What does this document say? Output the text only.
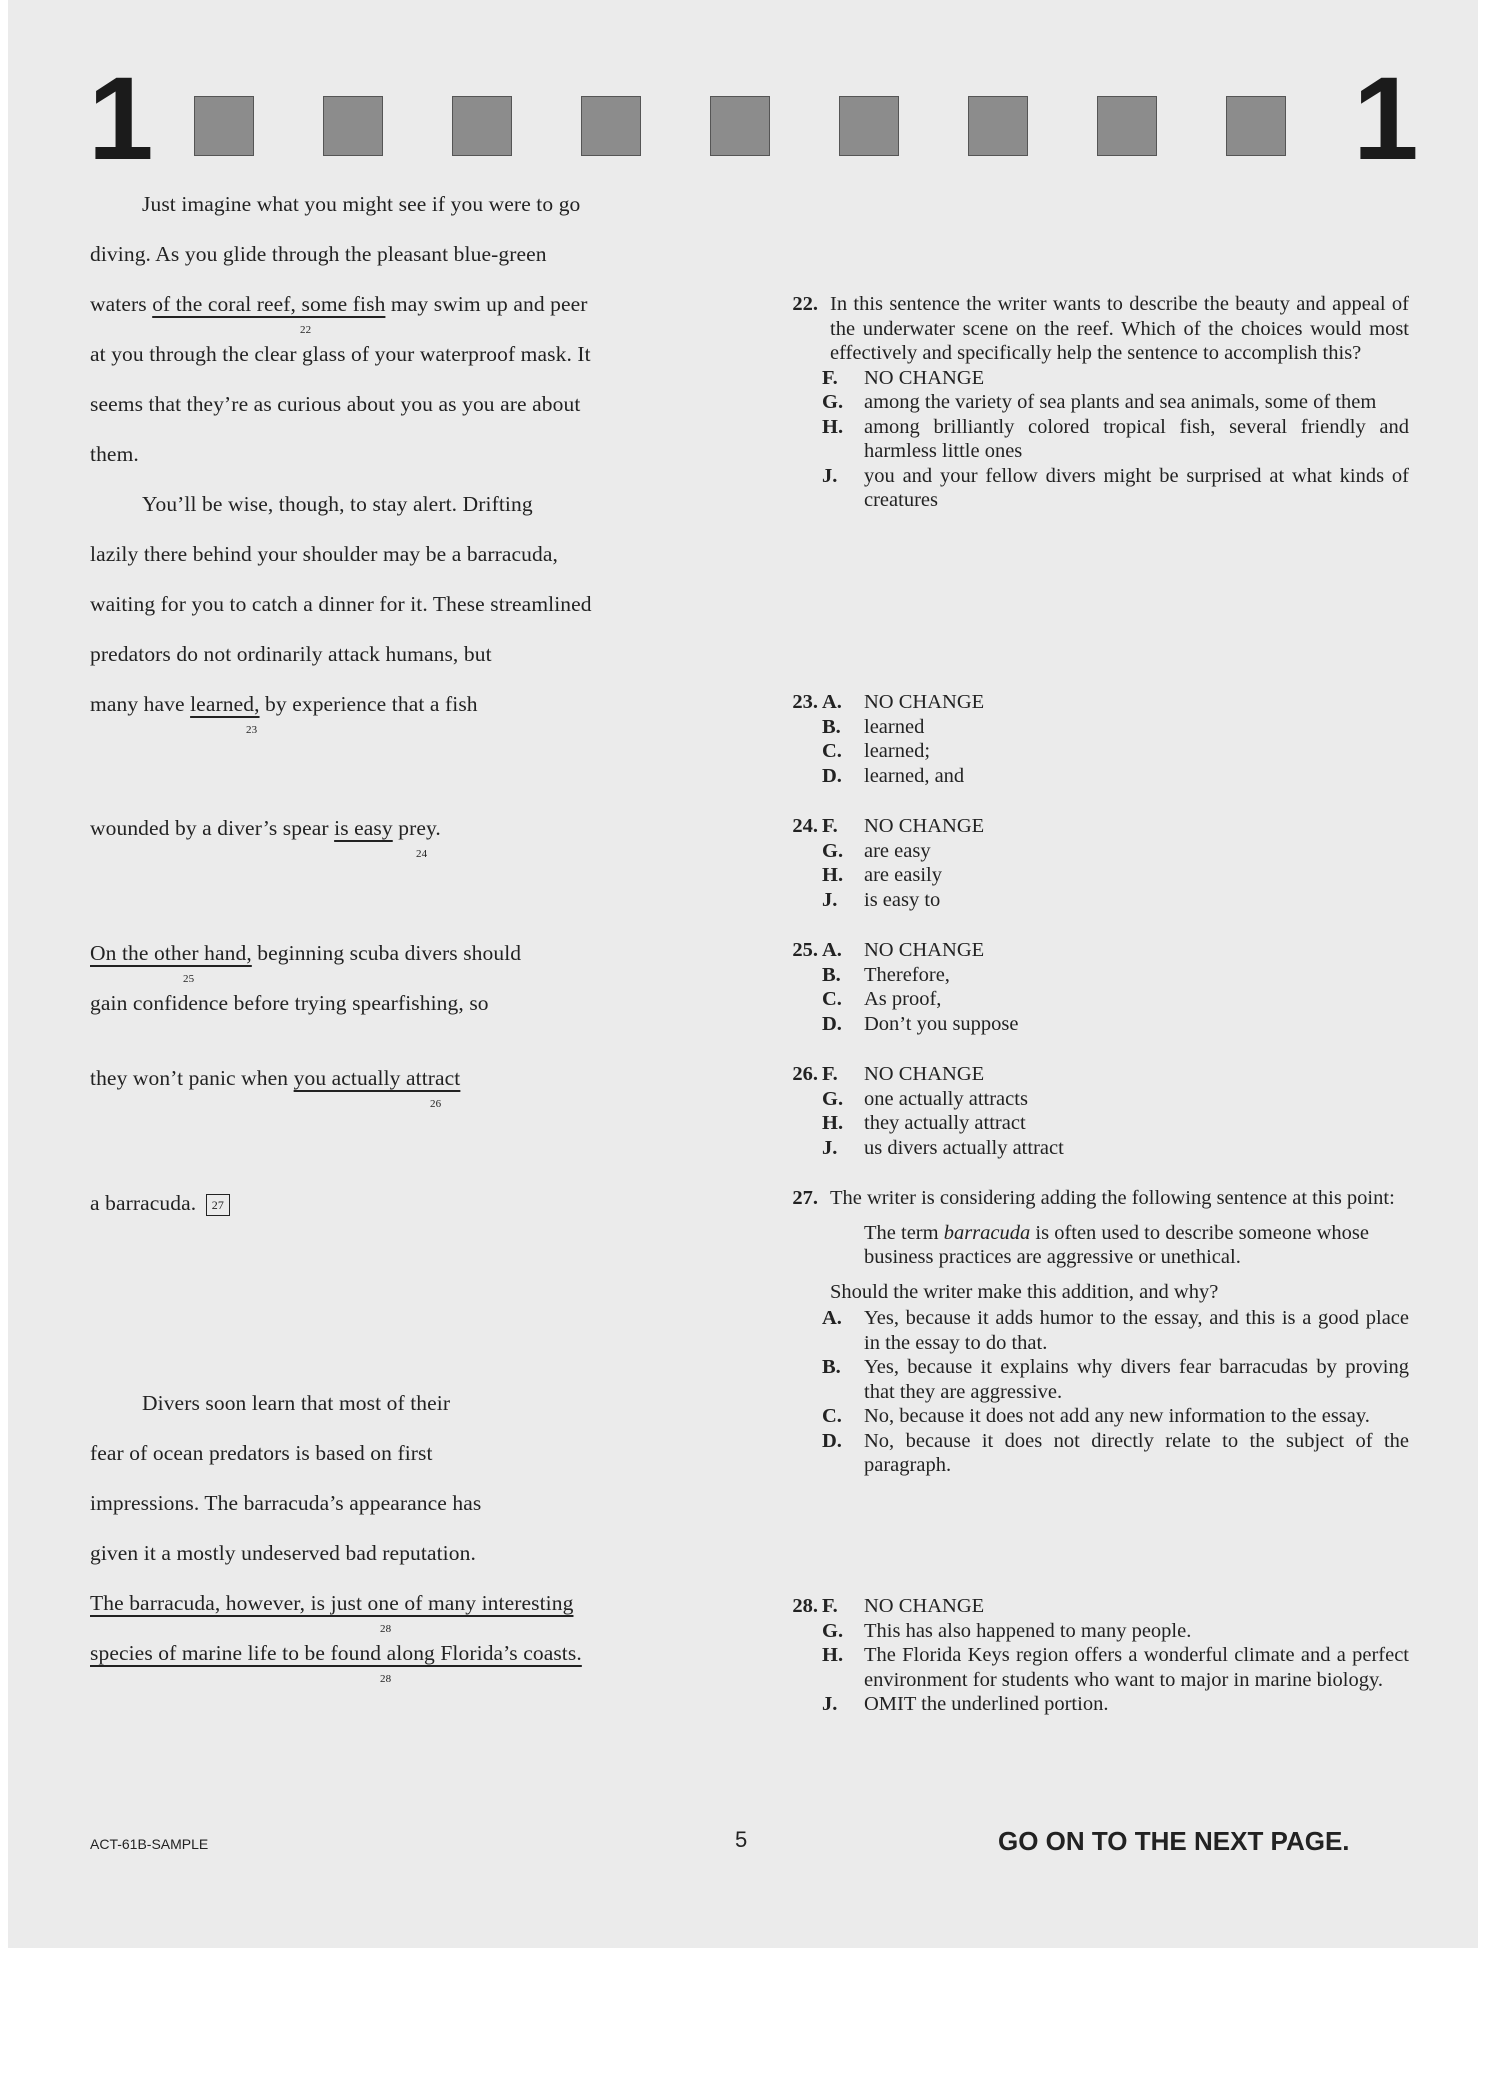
1	1
Just imagine what you might see if you were to go
diving. As you glide through the pleasant blue-green
waters of the coral reef, some fish may swim up and peer
22
at you through the clear glass of your waterproof mask. It
seems that they’re as curious about you as you are about
them.
You’ll be wise, though, to stay alert. Drifting
lazily there behind your shoulder may be a barracuda,
waiting for you to catch a dinner for it. These streamlined
predators do not ordinarily attack humans, but
many have learned, by experience that a fish
23
wounded by a diver’s spear is easy prey.
24
On the other hand, beginning scuba divers should
25
gain confidence before trying spearfishing, so
they won’t panic when you actually attract
26
a barracuda. 27
Divers soon learn that most of their
fear of ocean predators is based on first
impressions. The barracuda’s appearance has
given it a mostly undeserved bad reputation.
The barracuda, however, is just one of many interesting
28
species of marine life to be found along Florida’s coasts.
28
22. In this sentence the writer wants to describe the beauty and appeal of the underwater scene on the reef. Which of the choices would most effectively and specifically help the sentence to accomplish this?
F.	NO CHANGE
G. among the variety of sea plants and sea animals, some of them
H. among brilliantly colored tropical fish, several friendly and harmless little ones
J.	you and your fellow divers might be surprised at what kinds of creatures
23. A. NO CHANGE
B. learned
C. learned;
D. learned, and
24. F.	NO CHANGE
G. are easy
H. are easily
J.	is easy to
25. A. NO CHANGE
B. Therefore,
C. As proof,
D. Don’t you suppose
26. F.	NO CHANGE
G. one actually attracts
H. they actually attract
J.	us divers actually attract
27. The writer is considering adding the following sentence at this point:
The term barracuda is often used to describe someone whose business practices are aggressive or unethical.
Should the writer make this addition, and why?
A. Yes, because it adds humor to the essay, and this is a good place in the essay to do that.
B. Yes, because it explains why divers fear barracudas by proving that they are aggressive.
C. No, because it does not add any new information to the essay.
D. No, because it does not directly relate to the subject of the paragraph.
28. F.	NO CHANGE
G. This has also happened to many people.
H. The Florida Keys region offers a wonderful climate and a perfect environment for students who want to major in marine biology.
J.	OMIT the underlined portion.
ACT-61B-SAMPLE	5	GO ON TO THE NEXT PAGE.
